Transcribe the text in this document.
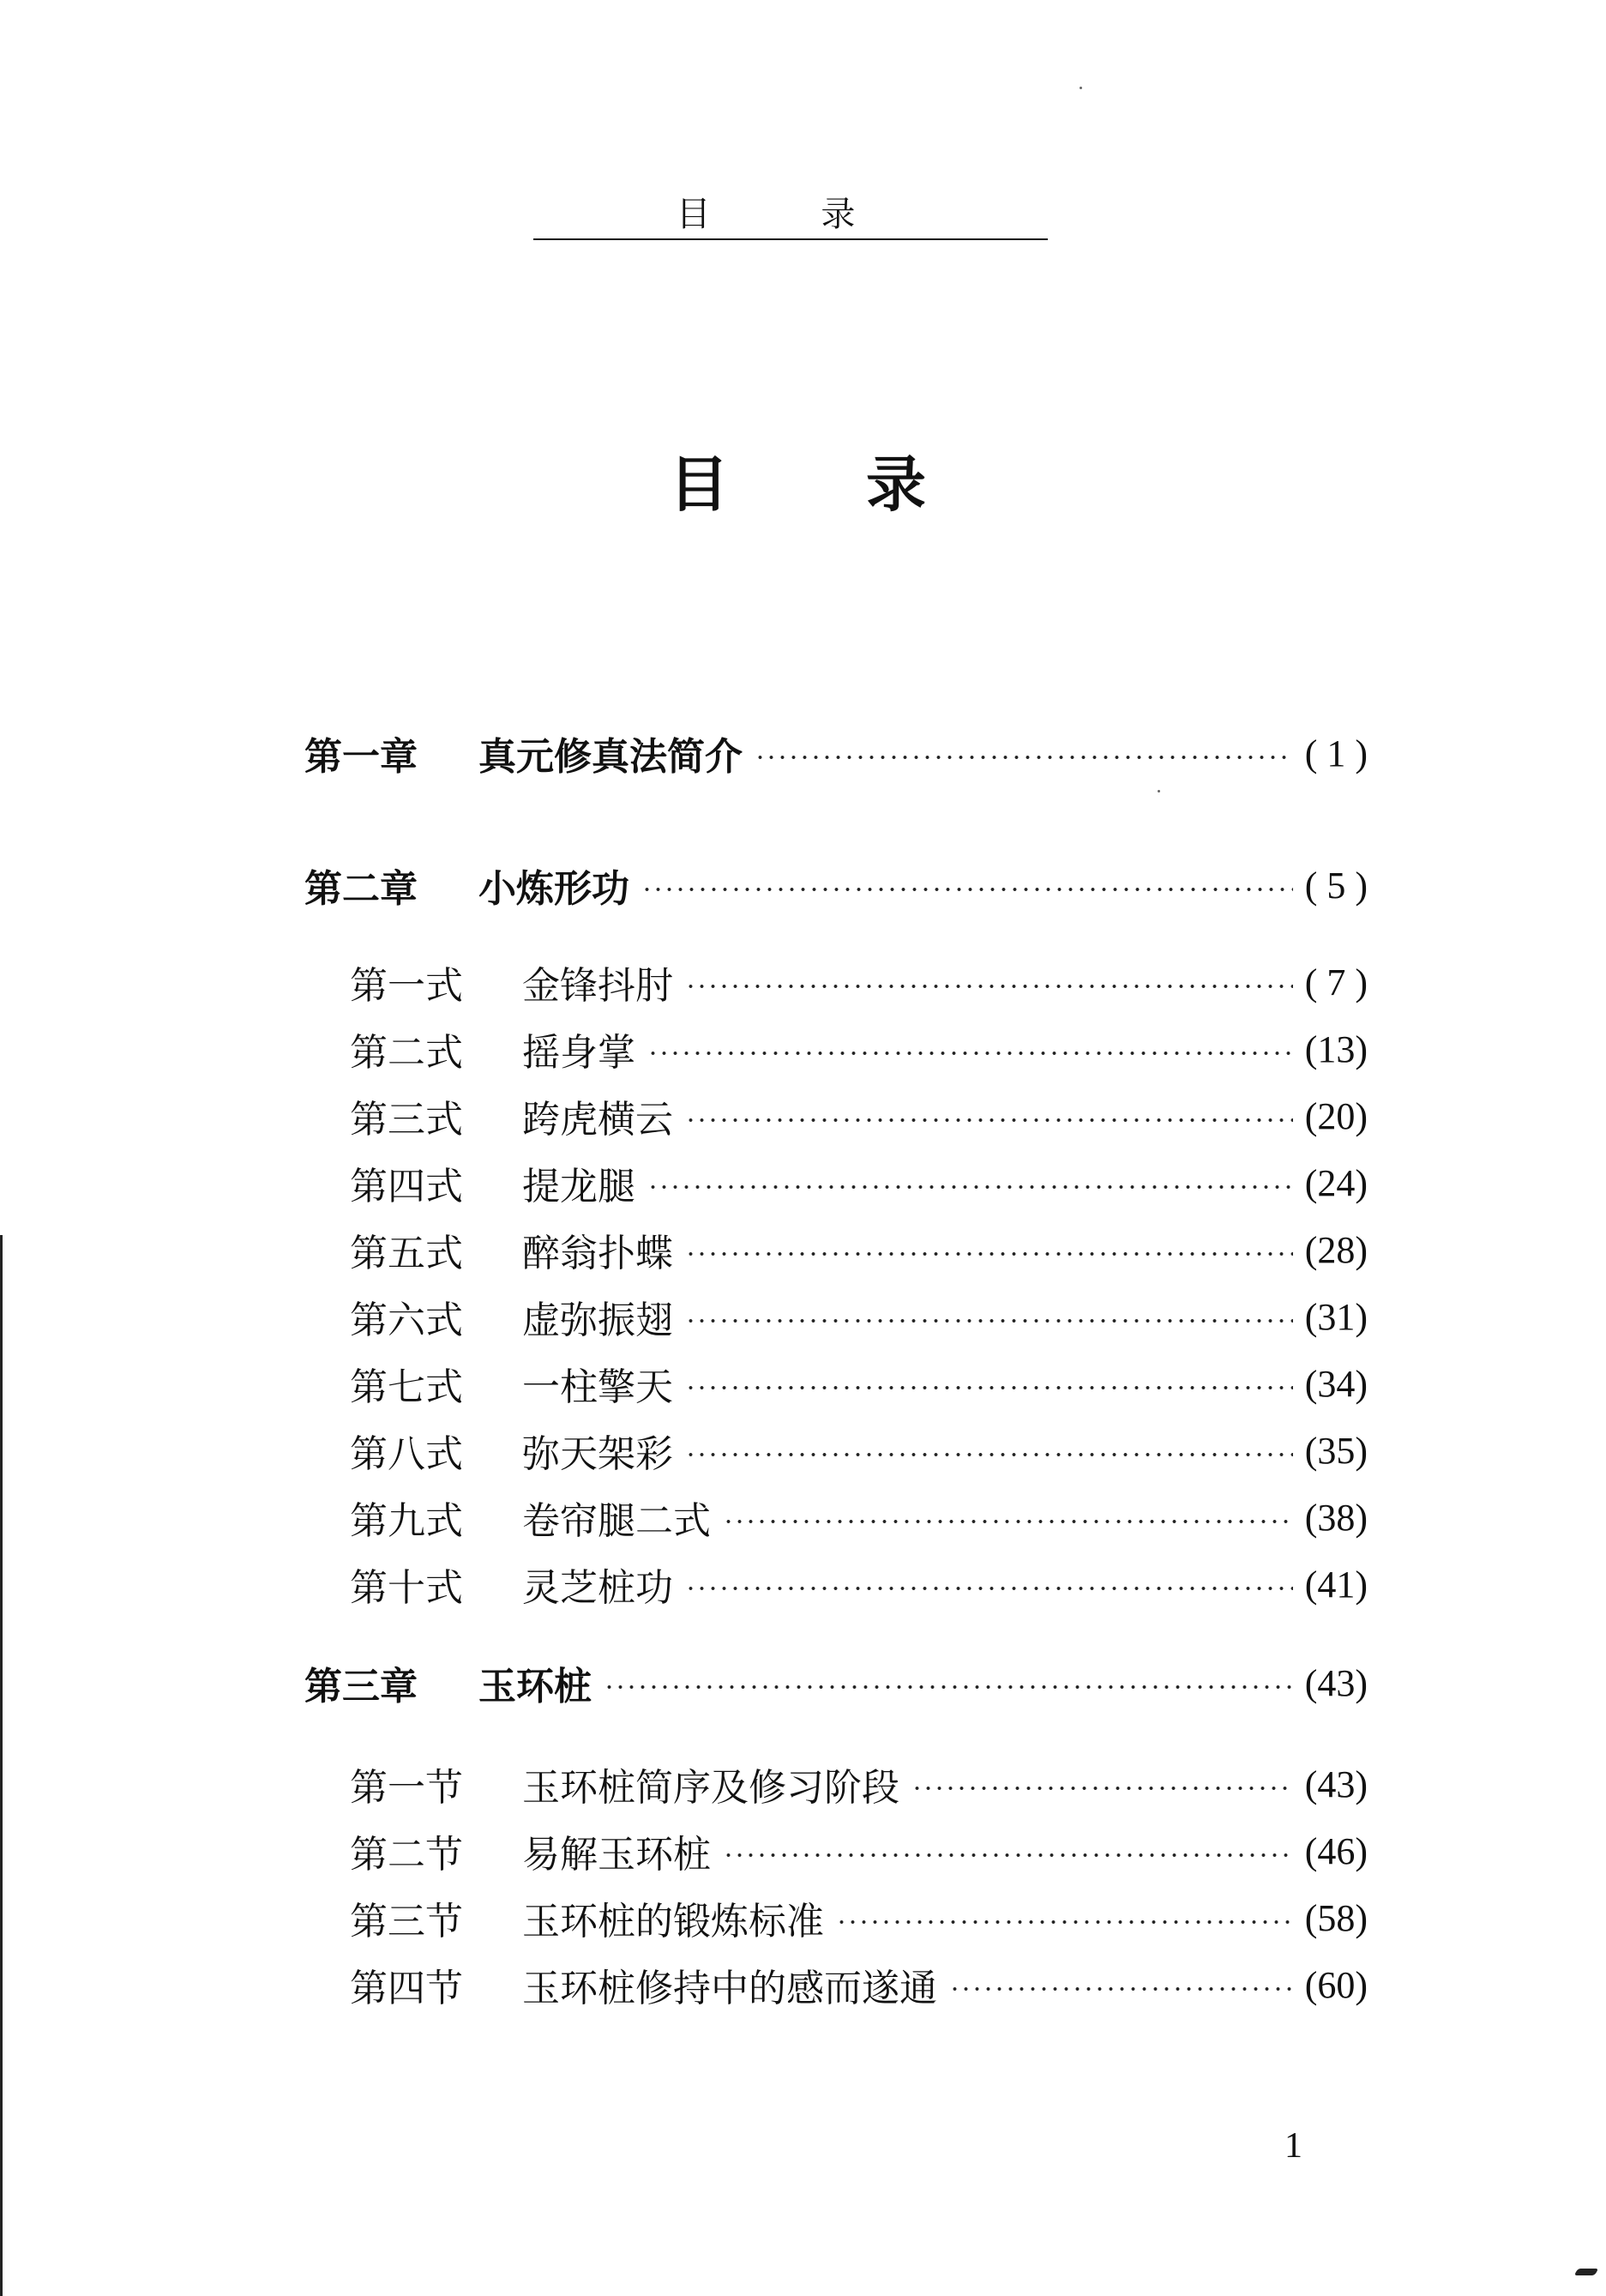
目 录
目 录
第一章	真元修真法简介	( 1 )
第二章	小炼形功	( 5 )
第一式	金锋抖肘	( 7 )
第二式	摇身掌	(13)
第三式	跨虎横云	(20)
第四式	提龙腿	(24)
第五式	醉翁扑蝶	(28)
第六式	虚弥振翅	(31)
第七式	一柱擎天	(34)
第八式	弥天架彩	(35)
第九式	卷帘腿二式	(38)
第十式	灵芝桩功	(41)
第三章	玉环桩	(43)
第一节	玉环桩简序及修习阶段	(43)
第二节	易解玉环桩	(46)
第三节	玉环桩的锻炼标准	(58)
第四节	玉环桩修持中的感而遂通	(60)
1
